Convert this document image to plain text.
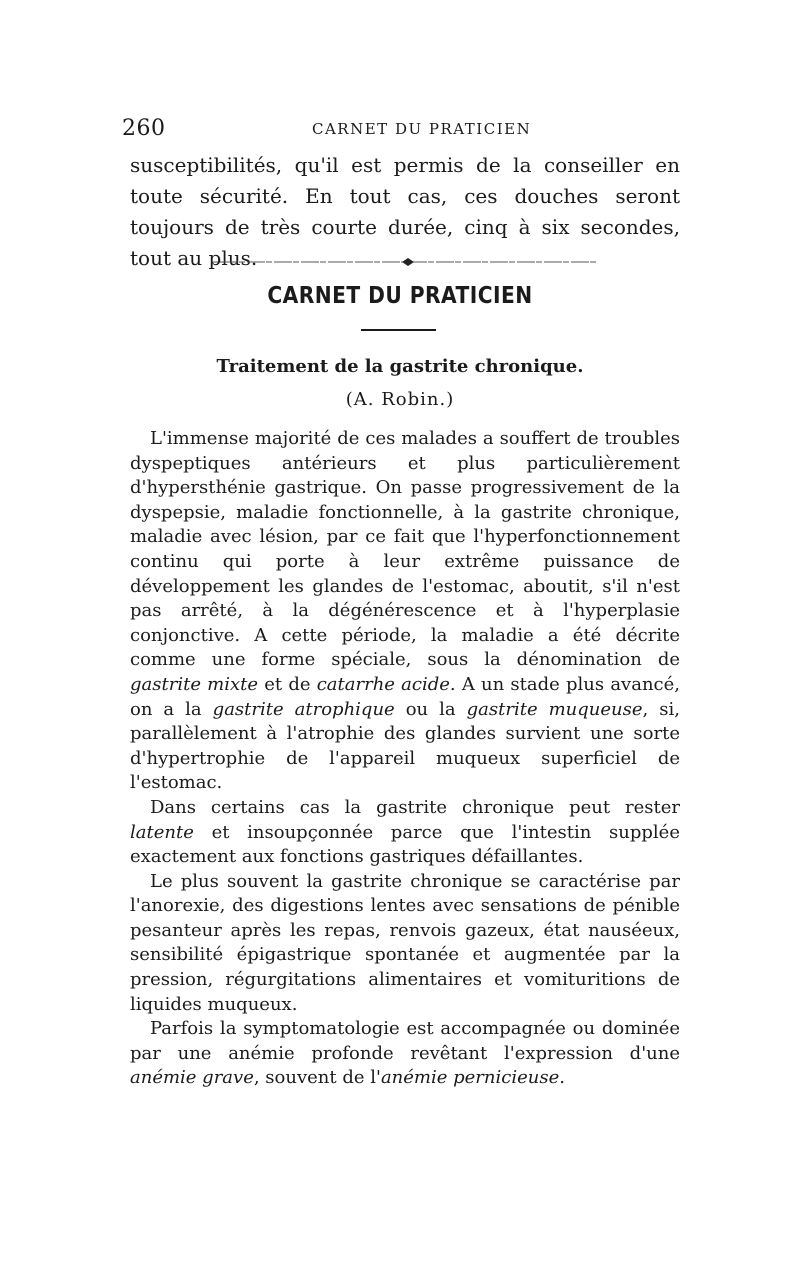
260	CARNET DU PRATICIEN
susceptibilités, qu'il est permis de la conseiller en toute sécurité. En tout cas, ces douches seront toujours de très courte durée, cinq à six secondes, tout au plus.
CARNET DU PRATICIEN
Traitement de la gastrite chronique.
(A. Robin.)

L'immense majorité de ces malades a souffert de troubles dyspeptiques antérieurs et plus particulièrement d'hypersthénie gastrique. On passe progressivement de la dyspepsie, maladie fonctionnelle, à la gastrite chronique, maladie avec lésion, par ce fait que l'hyperfonctionnement continu qui porte à leur extrême puissance de développement les glandes de l'estomac, aboutit, s'il n'est pas arrêté, à la dégénérescence et à l'hyperplasie conjonctive. A cette période, la maladie a été décrite comme une forme spéciale, sous la dénomination de gastrite mixte et de catarrhe acide. A un stade plus avancé, on a la gastrite atrophique ou la gastrite muqueuse, si, parallèlement à l'atrophie des glandes survient une sorte d'hypertrophie de l'appareil muqueux superficiel de l'estomac.

Dans certains cas la gastrite chronique peut rester latente et insoupçonnée parce que l'intestin supplée exactement aux fonctions gastriques défaillantes.

Le plus souvent la gastrite chronique se caractérise par l'anorexie, des digestions lentes avec sensations de pénible pesanteur après les repas, renvois gazeux, état nauséeux, sensibilité épigastrique spontanée et augmentée par la pression, régurgitations alimentaires et vomituritions de liquides muqueux.

Parfois la symptomatologie est accompagnée ou dominée par une anémie profonde revêtant l'expression d'une anémie grave, souvent de l'anémie pernicieuse.
